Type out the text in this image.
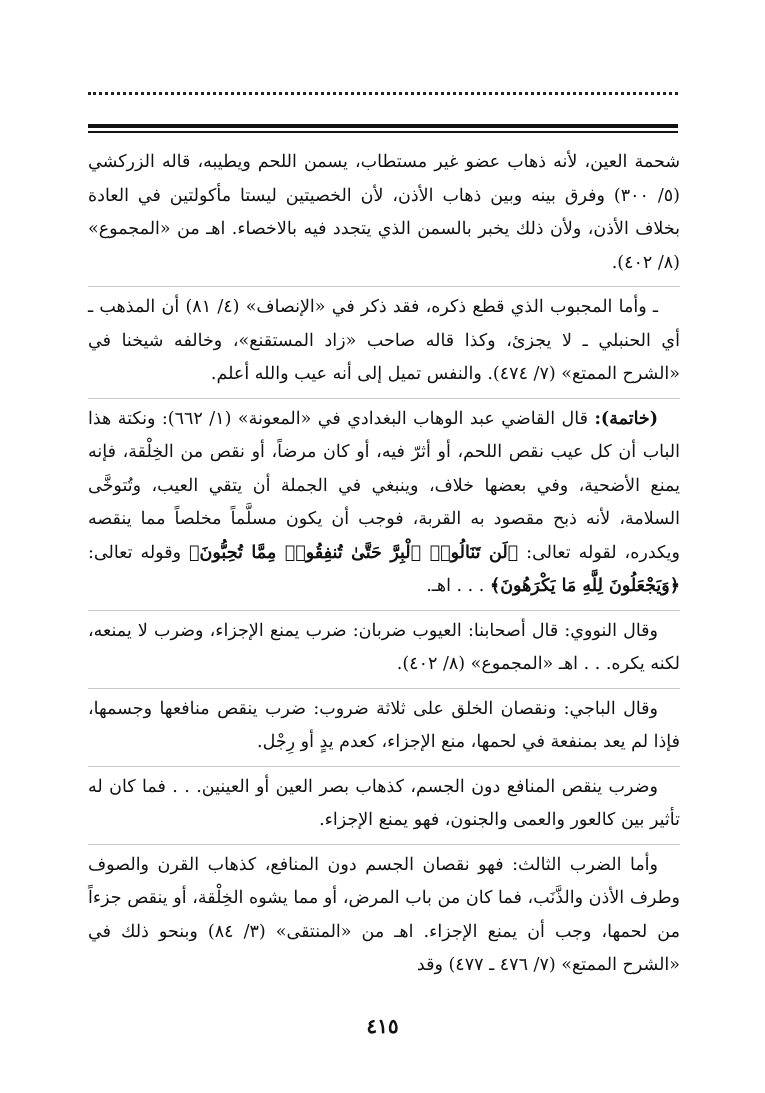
شحمة العين، لأنه ذهاب عضو غير مستطاب، يسمن اللحم ويطيبه، قاله الزركشي (٥/ ٣٠٠) وفرق بينه وبين ذهاب الأذن، لأن الخصيتين ليستا مأكولتين في العادة بخلاف الأذن، ولأن ذلك يخبر بالسمن الذي يتجدد فيه بالاخصاء. اهـ من «المجموع» (٨/ ٤٠٢).

ـ وأما المجبوب الذي قطع ذكره، فقد ذكر في «الإنصاف» (٤/ ٨١) أن المذهب ـ أي الحنبلي ـ لا يجزئ، وكذا قاله صاحب «زاد المستقنع»، وخالفه شيخنا في «الشرح الممتع» (٧/ ٤٧٤). والنفس تميل إلى أنه عيب والله أعلم.

(خاتمة): قال القاضي عبد الوهاب البغدادي في «المعونة» (١/ ٦٦٢): ونكتة هذا الباب أن كل عيب نقص اللحم، أو أثرّ فيه، أو كان مرضاً، أو نقص من الخِلْقة، فإنه يمنع الأضحية، وفي بعضها خلاف، وينبغي في الجملة أن يتقي العيب، وتُتوخَّى السلامة، لأنه ذبح مقصود به القربة، فوجب أن يكون مسلَّماً مخلصاً مما ينقصه ويكدره، لقوله تعالى: ﴿لَن تَنَالُوا۟ ٱلْبِرَّ حَتَّىٰ تُنفِقُوا۟ مِمَّا تُحِبُّونَ﴾ وقوله تعالى: ﴿وَيَجْعَلُونَ لِلَّهِ مَا يَكْرَهُونَ﴾ . . . اهـ.

وقال النووي: قال أصحابنا: العيوب ضربان: ضرب يمنع الإجزاء، وضرب لا يمنعه، لكنه يكره. . . اهـ «المجموع» (٨/ ٤٠٢).

وقال الباجي: ونقصان الخلق على ثلاثة ضروب: ضرب ينقص منافعها وجسمها، فإذا لم يعد بمنفعة في لحمها، منع الإجزاء، كعدم يدٍ أو رِجْل.

وضرب ينقص المنافع دون الجسم، كذهاب بصر العين أو العينين. . . فما كان له تأثير بين كالعور والعمى والجنون، فهو يمنع الإجزاء.

وأما الضرب الثالث: فهو نقصان الجسم دون المنافع، كذهاب القرن والصوف وطرف الأذن والذَّنَب، فما كان من باب المرض، أو مما يشوه الخِلْقة، أو ينقص جزءاً من لحمها، وجب أن يمنع الإجزاء. اهـ من «المنتقى» (٣/ ٨٤) وبنحو ذلك في «الشرح الممتع» (٧/ ٤٧٦ ـ ٤٧٧) وقد

٤١٥
